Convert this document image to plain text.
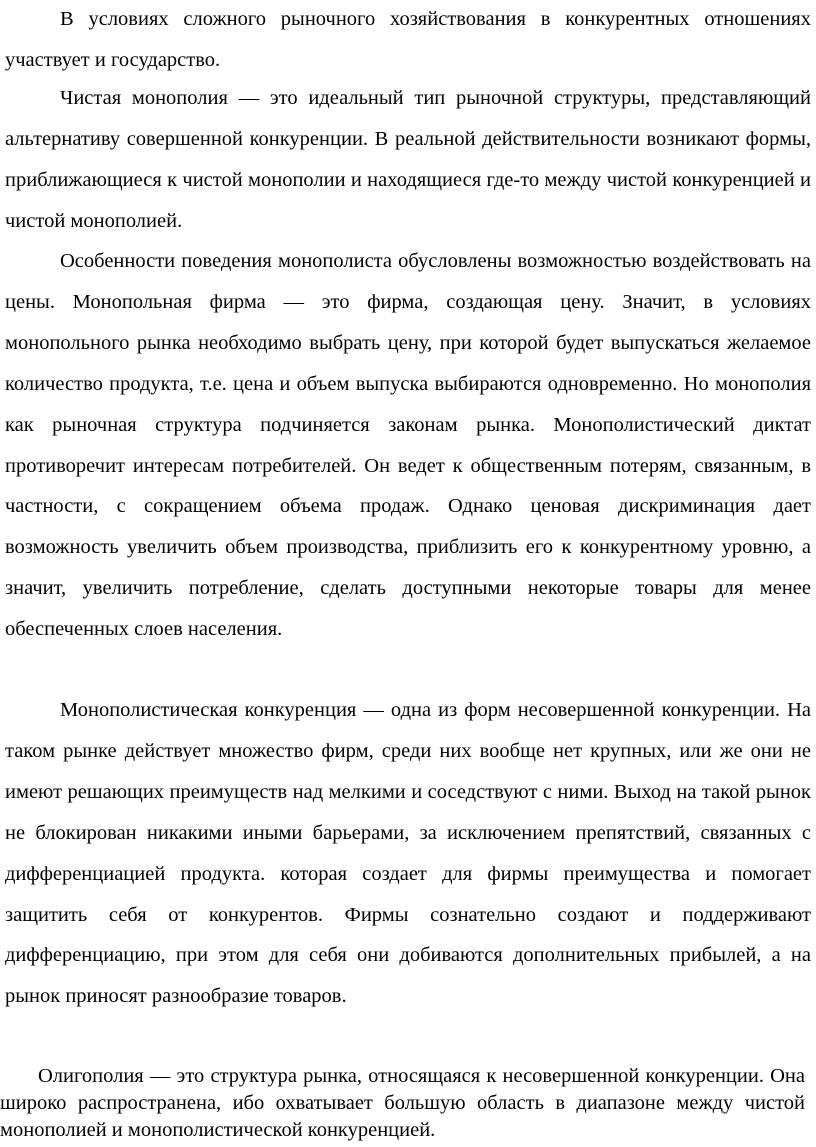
В условиях сложного рыночного хозяйствования в конкурентных отношениях участвует и государство.

Чистая монополия — это идеальный тип рыночной структуры, представляющий альтернативу совершенной конкуренции. В реальной действительности возникают формы, приближающиеся к чистой монополии и находящиеся где-то между чистой конкуренцией и чистой монополией.

Особенности поведения монополиста обусловлены возможностью воздействовать на цены. Монопольная фирма — это фирма, создающая цену. Значит, в условиях монопольного рынка необходимо выбрать цену, при которой будет выпускаться желаемое количество продукта, т.е. цена и объем выпуска выбираются одновременно. Но монополия как рыночная структура подчиняется законам рынка. Монополистический диктат противоречит интересам потребителей. Он ведет к общественным потерям, связанным, в частности, с сокращением объема продаж. Однако ценовая дискриминация дает возможность увеличить объем производства, приблизить его к конкурентному уровню, а значит, увеличить потребление, сделать доступными некоторые товары для менее обеспеченных слоев населения.

Монополистическая конкуренция — одна из форм несовершенной конкуренции. На таком рынке действует множество фирм, среди них вообще нет крупных, или же они не имеют решающих преимуществ над мелкими и соседствуют с ними. Выход на такой рынок не блокирован никакими иными барьерами, за исключением препятствий, связанных с дифференциацией продукта. которая создает для фирмы преимущества и помогает защитить себя от конкурентов. Фирмы сознательно создают и поддерживают дифференциацию, при этом для себя они добиваются дополнительных прибылей, а на рынок приносят разнообразие товаров.

Олигополия — это структура рынка, относящаяся к несовершенной конкуренции. Она широко распространена, ибо охватывает большую область в диапазоне между чистой монополией и монополистической конкуренцией.
